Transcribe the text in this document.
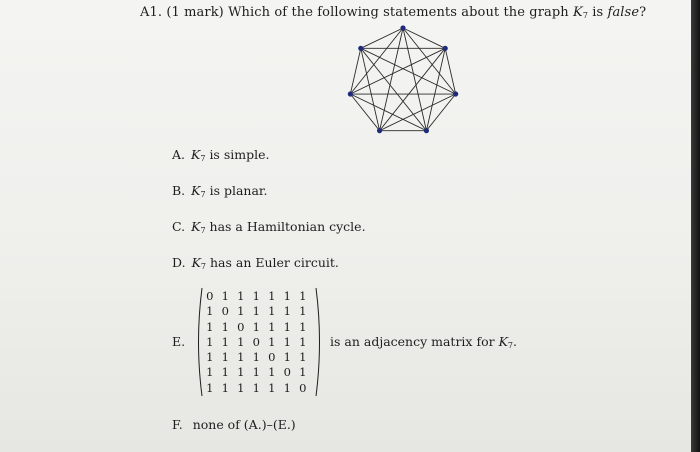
A1. (1 mark) Which of the following statements about the graph $K_7$ is false?
A. $K_7$ is simple.
B. $K_7$ is planar.
C. $K_7$ has a Hamiltonian cycle.
D. $K_7$ has an Euler circuit.
E.
0 1 1 1 1 1 1
1 0 1 1 1 1 1
1 1 0 1 1 1 1
1 1 1 0 1 1 1
1 1 1 1 0 1 1
1 1 1 1 1 0 1
1 1 1 1 1 1 0
is an adjacency matrix for $K_7$.
F. none of (A.)–(E.)
